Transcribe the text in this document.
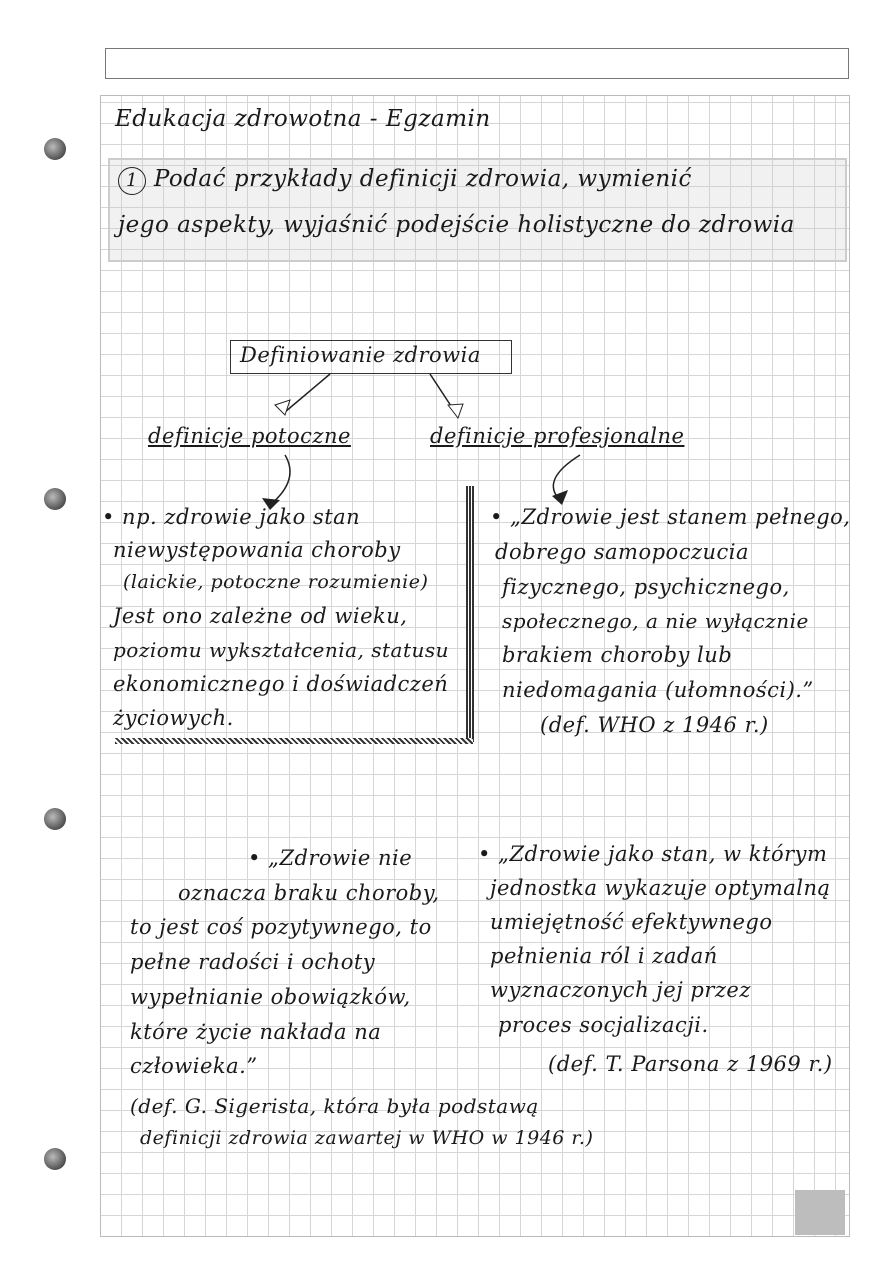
Edukacja zdrowotna - Egzamin
1 Podać przykłady definicji zdrowia, wymienić
jego aspekty, wyjaśnić podejście holistyczne do zdrowia
Definiowanie zdrowia
definicje potoczne	definicje profesjonalne
• np. zdrowie jako stan
niewystępowania choroby
(laickie, potoczne rozumienie)
Jest ono zależne od wieku,
poziomu wykształcenia, statusu
ekonomicznego i doświadczeń
życiowych.
• „Zdrowie jest stanem pełnego,
dobrego samopoczucia
fizycznego, psychicznego,
społecznego, a nie wyłącznie
brakiem choroby lub
niedomagania (ułomności).”
(def. WHO z 1946 r.)
• „Zdrowie jako stan, w którym
jednostka wykazuje optymalną
umiejętność efektywnego
pełnienia ról i zadań
wyznaczonych jej przez
proces socjalizacji.
(def. T. Parsona z 1969 r.)
• „Zdrowie nie
oznacza braku choroby,
to jest coś pozytywnego, to
pełne radości i ochoty
wypełnianie obowiązków,
które życie nakłada na
człowieka.”
(def. G. Sigerista, która była podstawą
definicji zdrowia zawartej w WHO w 1946 r.)
